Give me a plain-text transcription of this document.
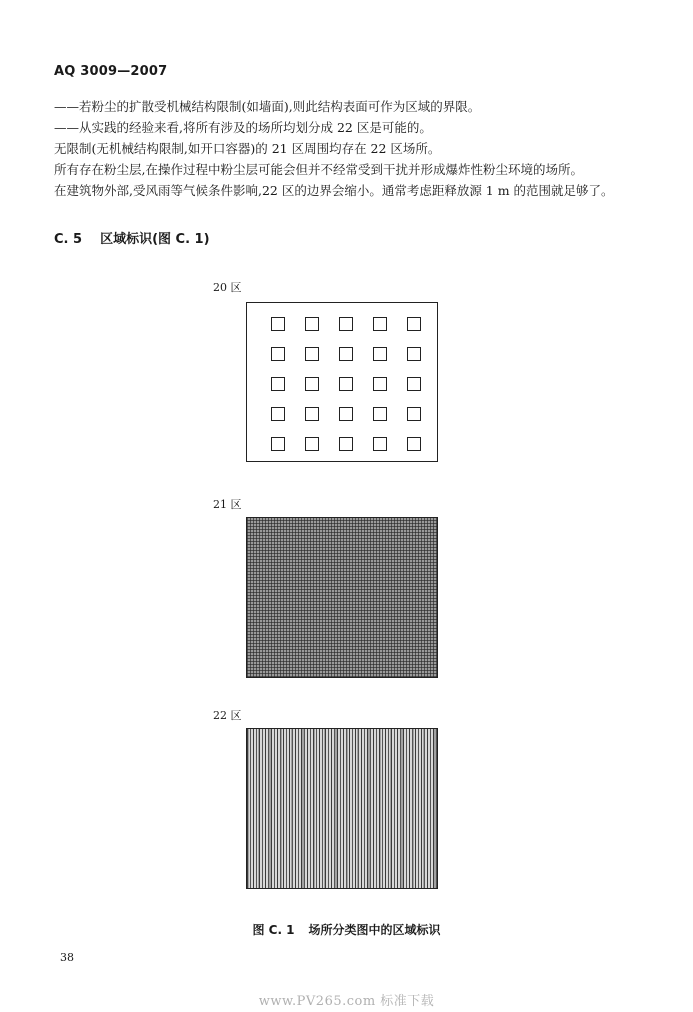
AQ 3009—2007
——若粉尘的扩散受机械结构限制(如墙面),则此结构表面可作为区域的界限。
——从实践的经验来看,将所有涉及的场所均划分成 22 区是可能的。
无限制(无机械结构限制,如开口容器)的 21 区周围均存在 22 区场所。
所有存在粉尘层,在操作过程中粉尘层可能会但并不经常受到干扰并形成爆炸性粉尘环境的场所。
在建筑物外部,受风雨等气候条件影响,22 区的边界会缩小。通常考虑距释放源 1 m 的范围就足够了。
C. 5 区域标识(图 C. 1)
20 区
21 区
22 区
图 C. 1 场所分类图中的区域标识
38
www.PV265.com 标准下载
